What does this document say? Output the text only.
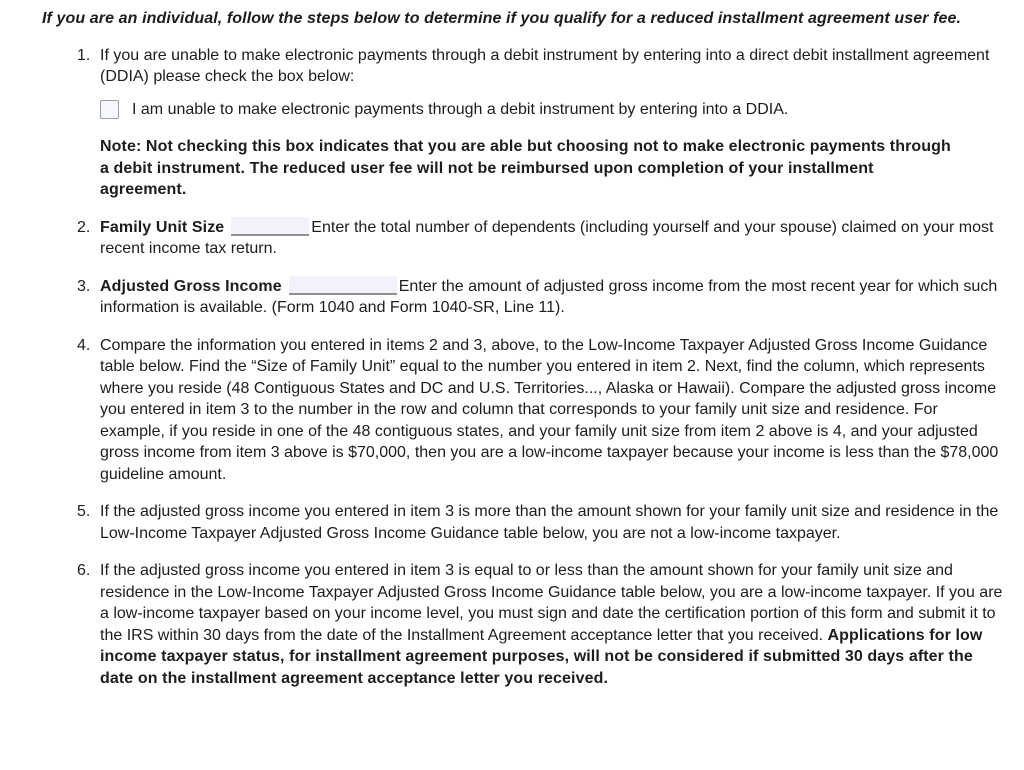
If you are an individual, follow the steps below to determine if you qualify for a reduced installment agreement user fee.

1. If you are unable to make electronic payments through a debit instrument by entering into a direct debit installment agreement (DDIA) please check the box below:

I am unable to make electronic payments through a debit instrument by entering into a DDIA.

Note: Not checking this box indicates that you are able but choosing not to make electronic payments through a debit instrument. The reduced user fee will not be reimbursed upon completion of your installment agreement.

2. Family Unit Size	Enter the total number of dependents (including yourself and your spouse) claimed on your most recent income tax return.

3. Adjusted Gross Income	Enter the amount of adjusted gross income from the most recent year for which such information is available. (Form 1040 and Form 1040-SR, Line 11).

4. Compare the information you entered in items 2 and 3, above, to the Low-Income Taxpayer Adjusted Gross Income Guidance table below. Find the “Size of Family Unit” equal to the number you entered in item 2. Next, find the column, which represents where you reside (48 Contiguous States and DC and U.S. Territories..., Alaska or Hawaii). Compare the adjusted gross income you entered in item 3 to the number in the row and column that corresponds to your family unit size and residence. For example, if you reside in one of the 48 contiguous states, and your family unit size from item 2 above is 4, and your adjusted gross income from item 3 above is $70,000, then you are a low-income taxpayer because your income is less than the $78,000 guideline amount.

5. If the adjusted gross income you entered in item 3 is more than the amount shown for your family unit size and residence in the Low-Income Taxpayer Adjusted Gross Income Guidance table below, you are not a low-income taxpayer.

6. If the adjusted gross income you entered in item 3 is equal to or less than the amount shown for your family unit size and residence in the Low-Income Taxpayer Adjusted Gross Income Guidance table below, you are a low-income taxpayer. If you are a low-income taxpayer based on your income level, you must sign and date the certification portion of this form and submit it to the IRS within 30 days from the date of the Installment Agreement acceptance letter that you received. Applications for low income taxpayer status, for installment agreement purposes, will not be considered if submitted 30 days after the date on the installment agreement acceptance letter you received.
